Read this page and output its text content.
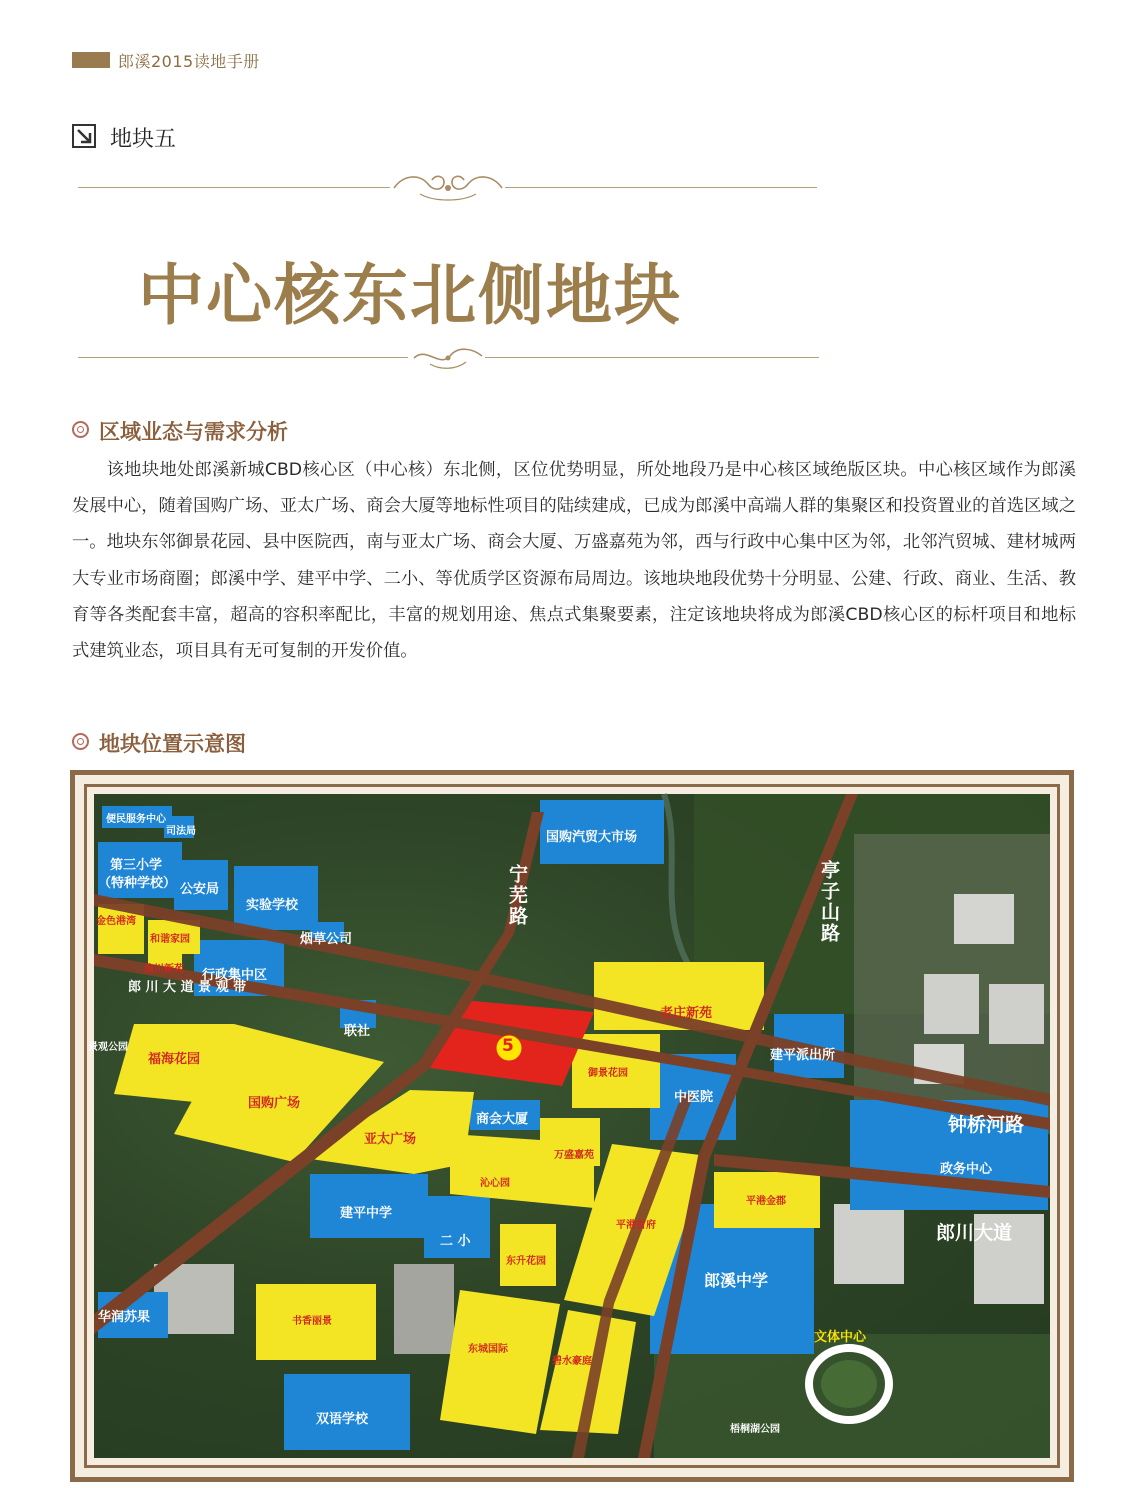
郎溪2015读地手册
地块五
中心核东北侧地块
区域业态与需求分析
该地块地处郎溪新城CBD核心区（中心核）东北侧，区位优势明显，所处地段乃是中心核区域绝版区块。中心核区域作为郎溪发展中心，随着国购广场、亚太广场、商会大厦等地标性项目的陆续建成，已成为郎溪中高端人群的集聚区和投资置业的首选区域之一。地块东邻御景花园、县中医院西，南与亚太广场、商会大厦、万盛嘉苑为邻，西与行政中心集中区为邻，北邻汽贸城、建材城两大专业市场商圈；郎溪中学、建平中学、二小、等优质学区资源布局周边。该地块地段优势十分明显、公建、行政、商业、生活、教育等各类配套丰富，超高的容积率配比，丰富的规划用途、焦点式集聚要素，注定该地块将成为郎溪CBD核心区的标杆项目和地标式建筑业态，项目具有无可复制的开发价值。
地块位置示意图
5
宁芜路	亭子山路
钟桥河路
郎川大道
郎 川 大 道 景 观 带
便民服务中心
司法局
第三小学
（特种学校） 公安局
实验学校
烟草公司
行政集中区
联社
景观公园
国购汽贸大市场
建平派出所
中医院
商会大厦
建平中学
二 小
政务中心
郎溪中学
华润苏果
双语学校
梧桐湖公园
金色港湾
和谐家园
浪川新苑
福海花园
国购广场
亚太广场
老庄新苑
御景花园
万盛嘉苑
沁心园
平港首府
平港金郡
东升花园
书香丽景
东城国际
碧水豪庭
文体中心
